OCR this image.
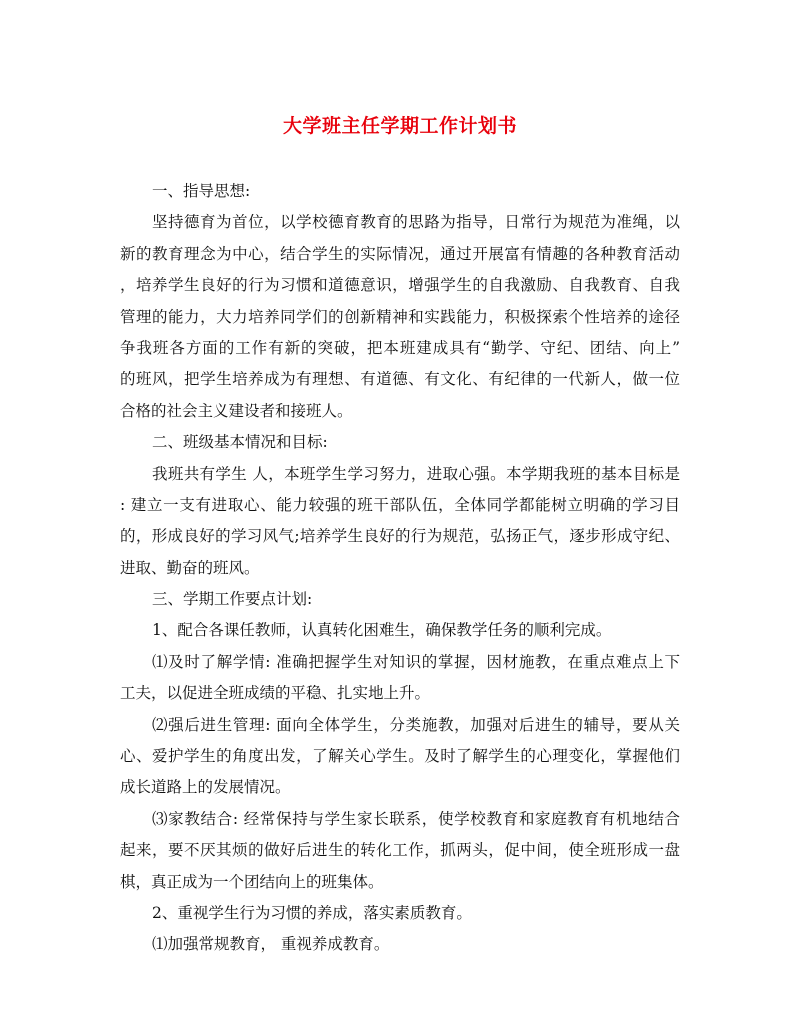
大学班主任学期工作计划书
一、指导思想:
坚持德育为首位，以学校德育教育的思路为指导，日常行为规范为准绳，以
新的教育理念为中心，结合学生的实际情况，通过开展富有情趣的各种教育活动
，培养学生良好的行为习惯和道德意识，增强学生的自我激励、自我教育、自我
管理的能力，大力培养同学们的创新精神和实践能力，积极探索个性培养的途径
争我班各方面的工作有新的突破，把本班建成具有“勤学、守纪、团结、向上”
的班风，把学生培养成为有理想、有道德、有文化、有纪律的一代新人，做一位
合格的社会主义建设者和接班人。
二、班级基本情况和目标:
我班共有学生 人，本班学生学习努力，进取心强。本学期我班的基本目标是
: 建立一支有进取心、能力较强的班干部队伍，全体同学都能树立明确的学习目
的，形成良好的学习风气;培养学生良好的行为规范，弘扬正气，逐步形成守纪、
进取、勤奋的班风。
三、学期工作要点计划:
1、配合各课任教师，认真转化困难生，确保教学任务的顺利完成。
⑴及时了解学情: 准确把握学生对知识的掌握，因材施教，在重点难点上下
工夫，以促进全班成绩的平稳、扎实地上升。
⑵强后进生管理: 面向全体学生，分类施教，加强对后进生的辅导，要从关
心、爱护学生的角度出发，了解关心学生。及时了解学生的心理变化，掌握他们
成长道路上的发展情况。
⑶家教结合: 经常保持与学生家长联系，使学校教育和家庭教育有机地结合
起来，要不厌其烦的做好后进生的转化工作，抓两头，促中间，使全班形成一盘
棋，真正成为一个团结向上的班集体。
2、重视学生行为习惯的养成，落实素质教育。
⑴加强常规教育， 重视养成教育。
